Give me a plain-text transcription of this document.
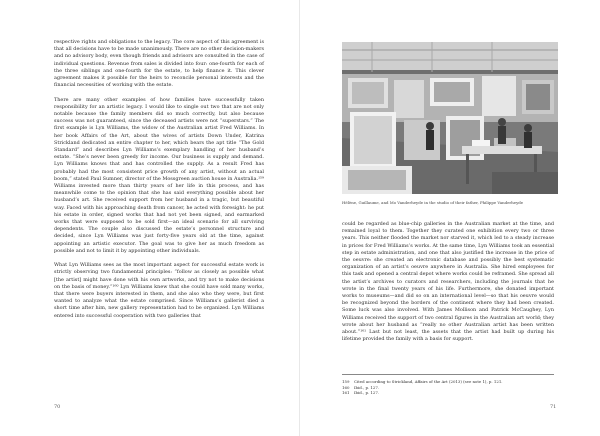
respective rights and obligations to the legacy. The core aspect of this agreement is that all decisions have to be made unanimously. There are no other decision-makers and no advisory body, even though friends and advisors are consulted in the case of individual questions. Revenue from sales is divided into four: one-fourth for each of the three siblings and one-fourth for the estate, to help finance it. This clever agreement makes it possible for the heirs to reconcile personal interests and the financial necessities of working with the estate.

There are many other examples of how families have successfully taken responsibility for an artistic legacy. I would like to single out two that are not only notable because the family members did so much correctly, but also because success was not guaranteed, since the deceased artists were not “superstars.” The first example is Lyn Williams, the widow of the Australian artist Fred Williams. In her book Affairs of the Art, about the wives of artists Down Under, Katrina Strickland dedicated an entire chapter to her, which bears the apt title “The Gold Standard” and describes Lyn Williams’s exemplary handling of her husband’s estate. “She’s never been greedy for income. Our business is supply and demand. Lyn Williams knows that and has controlled the supply. As a result Fred has probably had the most consistent price growth of any artist, without an actual boom,” stated Paul Sumner, director of the Mossgreen auction house in Australia.¹⁵⁹ Williams invested more than thirty years of her life in this process, and has meanwhile come to the opinion that she has said everything possible about her husband’s art. She received support from her husband in a tragic, but beautiful way. Faced with his approaching death from cancer, he acted with foresight: he put his estate in order, signed works that had not yet been signed, and earmarked works that were supposed to be sold first—an ideal scenario for all surviving dependents. The couple also discussed the estate’s personnel structure and decided, since Lyn Williams was just forty-five years old at the time, against appointing an artistic executor. The goal was to give her as much freedom as possible and not to limit it by appointing other individuals.

What Lyn Williams sees as the most important aspect for successful estate work is strictly observing two fundamental principles: “follow as closely as possible what [the artist] might have done with his own artworks, and try not to make decisions on the basis of money.”¹⁶⁰ Lyn Williams knew that she could have sold many works, that there were buyers interested in them, and she also who they were, but first wanted to analyze what the estate comprised. Since Williams’s gallerist died a short time after him, new gallery representation had to be organized. Lyn Williams entered into successful cooperation with two galleries that

70
Hélène, Guillaume, and Mo Vanderheyde in the studio of their father, Philippe Vanderheyde

could be regarded as blue-chip galleries in the Australian market at the time, and remained loyal to them. Together they curated one exhibition every two or three years. This neither flooded the market nor starved it, which led to a steady increase in prices for Fred Williams’s works. At the same time, Lyn Williams took an essential step in estate administration, and one that also justified the increase in the price of the oeuvre: she created an electronic database and possibly the best systematic organization of an artist’s oeuvre anywhere in Australia. She hired employees for this task and opened a central depot where works could be reframed. She spread all the artist’s archives to curators and researchers, including the journals that he wrote in the final twenty years of his life. Furthermore, she donated important works to museums—and did so on an international level—so that his oeuvre would be recognized beyond the borders of the continent where they had been created. Some luck was also involved. With James Mollison and Patrick McCaughey, Lyn Williams received the support of two central figures in the Australian art world; they wrote about her husband as “really no other Australian artist has been written about.”¹⁶¹ Last but not least, the assets that the artist had built up during his lifetime provided the family with a basis for support.

159	Cited according to Strickland, Affairs of the Art (2013) (see note 1), p. 121.
160	Ibid., p. 127.
161	Ibid., p. 127.
71
